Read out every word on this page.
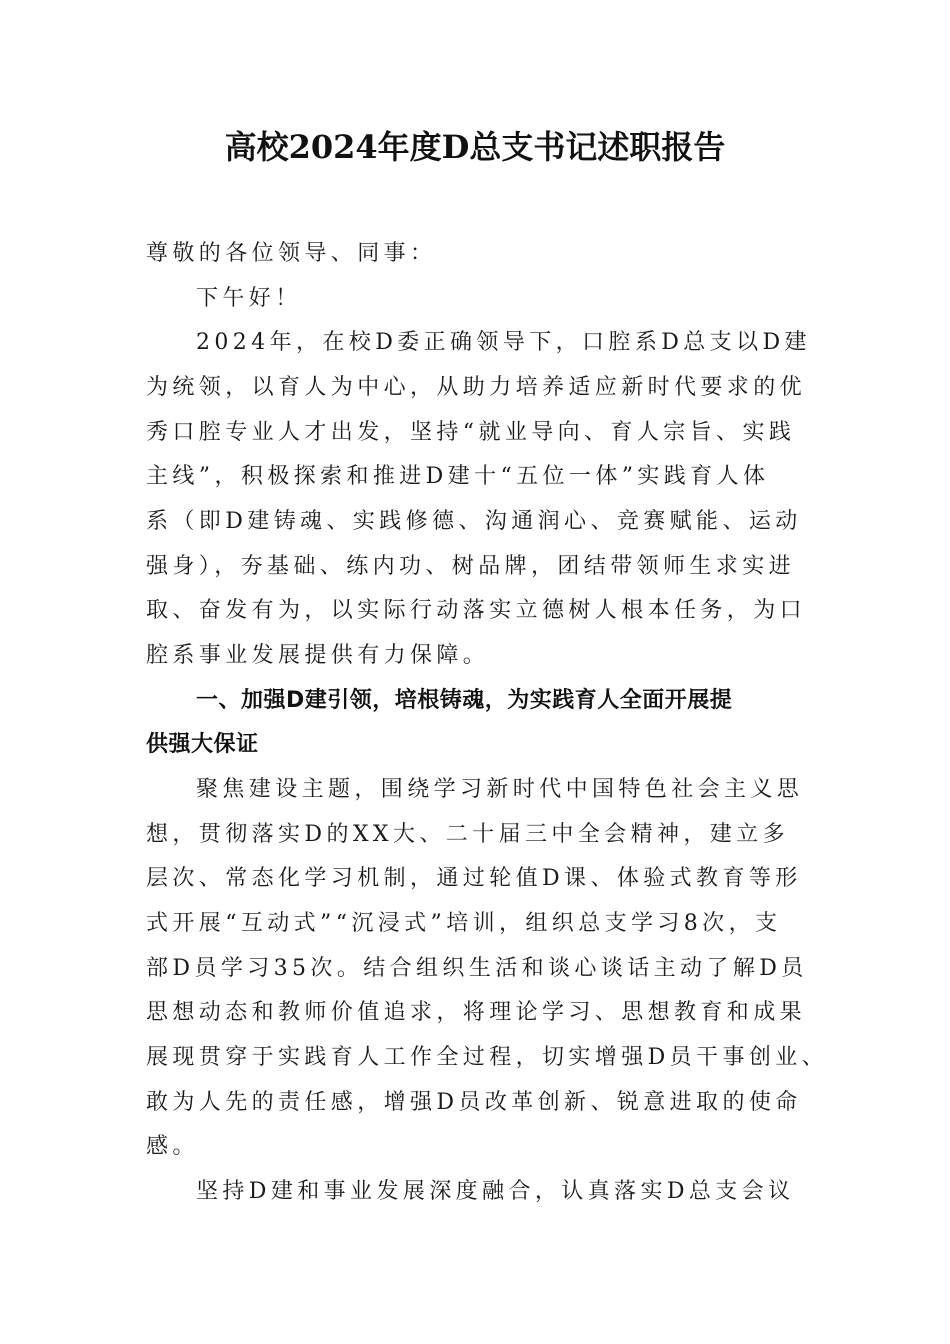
高校2024年度D总支书记述职报告
尊敬的各位领导、同事：
下午好！
2024年，在校D委正确领导下，口腔系D总支以D建
为统领，以育人为中心，从助力培养适应新时代要求的优
秀口腔专业人才出发，坚持“就业导向、育人宗旨、实践
主线”，积极探索和推进D建十“五位一体”实践育人体
系（即D建铸魂、实践修德、沟通润心、竞赛赋能、运动
强身），夯基础、练内功、树品牌，团结带领师生求实进
取、奋发有为，以实际行动落实立德树人根本任务，为口
腔系事业发展提供有力保障。
一、加强D建引领，培根铸魂，为实践育人全面开展提
供强大保证
聚焦建设主题，围绕学习新时代中国特色社会主义思
想，贯彻落实D的XX大、二十届三中全会精神，建立多
层次、常态化学习机制，通过轮值D课、体验式教育等形
式开展“互动式”“沉浸式”培训，组织总支学习8次，支
部D员学习35次。结合组织生活和谈心谈话主动了解D员
思想动态和教师价值追求，将理论学习、思想教育和成果
展现贯穿于实践育人工作全过程，切实增强D员干事创业、
敢为人先的责任感，增强D员改革创新、锐意进取的使命
感。
坚持D建和事业发展深度融合，认真落实D总支会议
